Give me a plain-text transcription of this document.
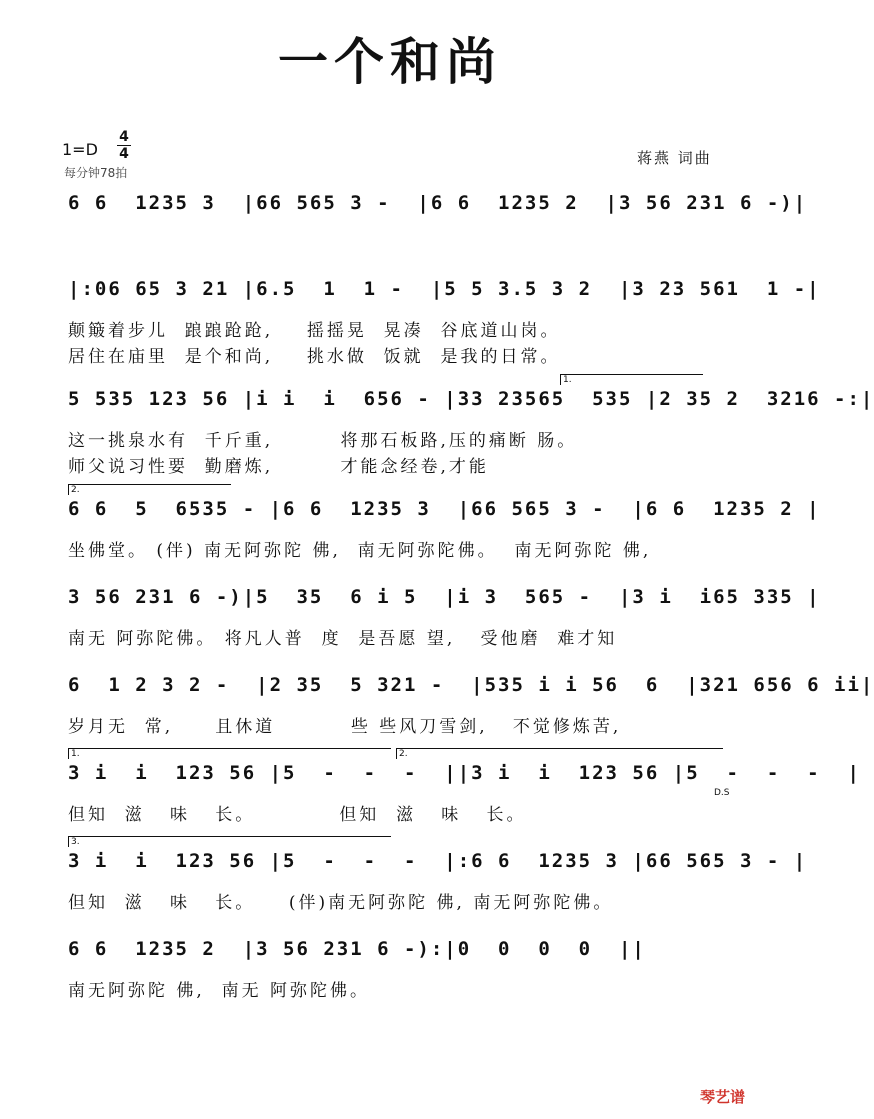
一个和尚
1=D
4
4
每分钟78拍
蒋燕 词曲
6 6  1235 3  |66 565 3 -  |6 6  1235 2  |3 56 231 6 -)|
|:06 65 3 21 |6.5  1  1 -  |5 5 3.5 3 2  |3 23 561  1 -|
颠簸着步儿  踉踉跄跄,    摇摇晃  晃凑  谷底道山岗。
居住在庙里  是个和尚,    挑水做  饭就  是我的日常。
1.
5 535 123 56 |i i  i  656 - |33 23565  535 |2 35 2  3216 -:|
这一挑泉水有  千斤重,        将那石板路,压的痛断 肠。
师父说习性要  勤磨炼,        才能念经卷,才能
2.
6 6  5  6535 - |6 6  1235 3  |66 565 3 -  |6 6  1235 2 |
坐佛堂。 (伴) 南无阿弥陀 佛,  南无阿弥陀佛。  南无阿弥陀 佛,
3 56 231 6 -)|5  35  6 i 5  |i 3  565 -  |3 i  i65 335 |
南无 阿弥陀佛。 将凡人普  度  是吾愿 望,   受他磨  难才知
6  1 2 3 2 -  |2 35  5 321 -  |535 i i 56  6  |321 656 6 ii|
岁月无  常,     且休道         些 些风刀雪剑,   不觉修炼苦,
1.	2.
3 i  i  123 56 |5  -  -  -  ||3 i  i  123 56 |5  -  -  -  |
但知  滋   味   长。          但知  滋   味   长。
D.S
3.
3 i  i  123 56 |5  -  -  -  |:6 6  1235 3 |66 565 3 - |
但知  滋   味   长。    (伴)南无阿弥陀 佛, 南无阿弥陀佛。
6 6  1235 2  |3 56 231 6 -):|0  0  0  0  ||
南无阿弥陀 佛,  南无 阿弥陀佛。
琴艺谱
